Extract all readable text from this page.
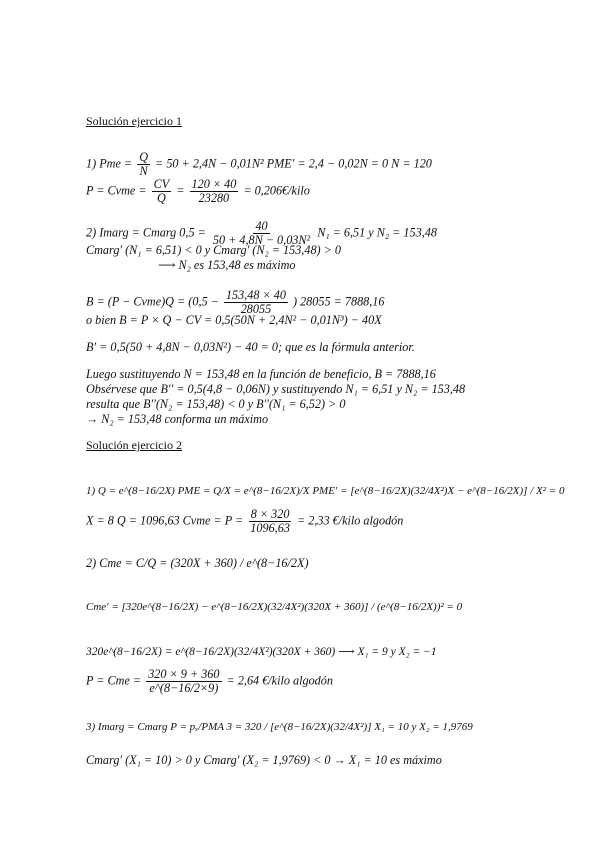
Solución ejercicio 1
1) Pme = $\frac{Q}{N} = 50 + 2,4N - 0,01N^2$ PME′ = 2,4 − 0,02N = 0 N = 120
P = Cvme = $\frac{CV}{Q} = \frac{120 \times 40}{23280}$ = 0,206€/kilo
2) Imarg = Cmarg $0,5 = \frac{40}{\text{50 + 4,8N − 0,03N²}} N_1 = 6,51$ y N₂ = 153,48
Cmarg′ (N₁ = 6,51) < 0 y Cmarg′ (N₂ = 153,48) > 0
⟶ N₂ es 153,48 es máximo
B = (P − Cvme)Q = ($0,5 - \frac{153,48 \times 40}{28055}$ ) 28055 = 7888,16
o bien B = P × Q − CV = 0,5(50N + 2,4N² − 0,01N³) − 40X
B′ = 0,5(50 + 4,8N − 0,03N²) − 40 = 0; que es la fórmula anterior.
Luego sustituyendo N = 153,48 en la función de beneficio, B = 7888,16
Obsérvese que B′′ = 0,5(4,8 − 0,06N) y sustituyendo N₁ = 6,51 y N₂ = 153,48
resulta que B′′(N₂ = 153,48) < 0 y B′′(N₁ = 6,52) > 0
→ N₂ = 153,48 conforma un máximo
Solución ejercicio 2
1) Q = e^(8−16/2X) PME = Q/X = e^(8−16/2X)/X PME′ = [e^(8−16/2X)(32/4X²)X − e^(8−16/2X)] / X² = 0
X = 8 Q = 1096,63 Cvme = $P = \frac{8 \times 320}{1096,63} = 2,33$ €/kilo algodón
2) Cme = C/Q = (320X + 360) / e^(8−16/2X)
Cme′ = [320e^(8−16/2X) − e^(8−16/2X)(32/4X²)(320X + 360)] / (e^(8−16/2X))² = 0
320e^(8−16/2X) = e^(8−16/2X)(32/4X²)(320X + 360) ⟶ X₁ = 9 y X₂ = −1
P = Cme = $\frac{320 \times 9 + 360}{e\^{}(8-16/2\times 9)} = 2,64$ €/kilo algodón
3) Imarg = Cmarg P = pₓ/PMA 3 = 320 / [e^(8−16/2X)(32/4X²)] X₁ = 10 y X₂ = 1,9769
Cmarg′ (X₁ = 10) > 0 y Cmarg′ (X₂ = 1,9769) < 0 → X₁ = 10 es máximo
